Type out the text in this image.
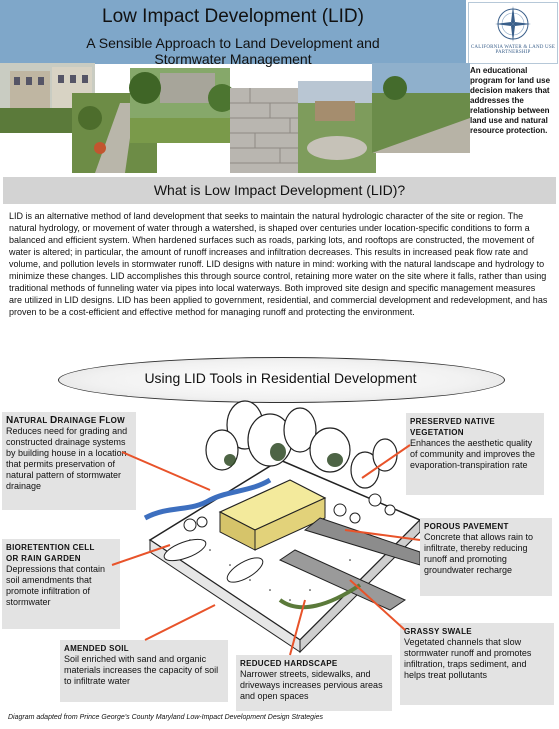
Low Impact Development (LID)
A Sensible Approach to Land Development and
Stormwater Management
CALIFORNIA WATER & LAND USE PARTNERSHIP
An educational program for land use decision makers that addresses the relationship between land use and natural resource protection.
What is Low Impact Development (LID)?

LID is an alternative method of land development that seeks to maintain the natural hydrologic character of the site or region. The natural hydrology, or movement of water through a watershed, is shaped over centuries under location-specific conditions to form a balanced and efficient system. When hardened surfaces such as roads, parking lots, and rooftops are constructed, the movement of water is altered; in particular, the amount of runoff increases and infiltration decreases. This results in increased peak flow rate and volume, and pollution levels in stormwater runoff. LID designs with nature in mind: working with the natural landscape and hydrology to minimize these changes. LID accomplishes this through source control, retaining more water on the site where it falls, rather than using traditional methods of funneling water via pipes into local waterways. Both improved site design and specific management measures are utilized in LID designs. LID has been applied to government, residential, and commercial development and redevelopment, and has proven to be a cost-efficient and effective method for managing runoff and protecting the environment.

Using LID Tools in Residential Development
NATURAL DRAINAGE FLOW
Reduces need for grading and constructed drainage systems by building house in a location that permits preservation of natural pattern of stormwater drainage
PRESERVED NATIVE
VEGETATION
Enhances the aesthetic quality of community and improves the evaporation-transpiration rate
BIORETENTION CELL
OR RAIN GARDEN
Depressions that contain soil amendments that promote infiltration of stormwater
POROUS PAVEMENT
Concrete that allows rain to infiltrate, thereby reducing runoff and promoting groundwater recharge
AMENDED SOIL
Soil enriched with sand and organic materials increases the capacity of soil to infiltrate water
REDUCED HARDSCAPE
Narrower streets, sidewalks, and driveways increases pervious areas and open spaces
GRASSY SWALE
Vegetated channels that slow stormwater runoff and promotes infiltration, traps sediment, and helps treat pollutants
Diagram adapted from Prince George’s County Maryland Low-Impact Development Design Strategies
